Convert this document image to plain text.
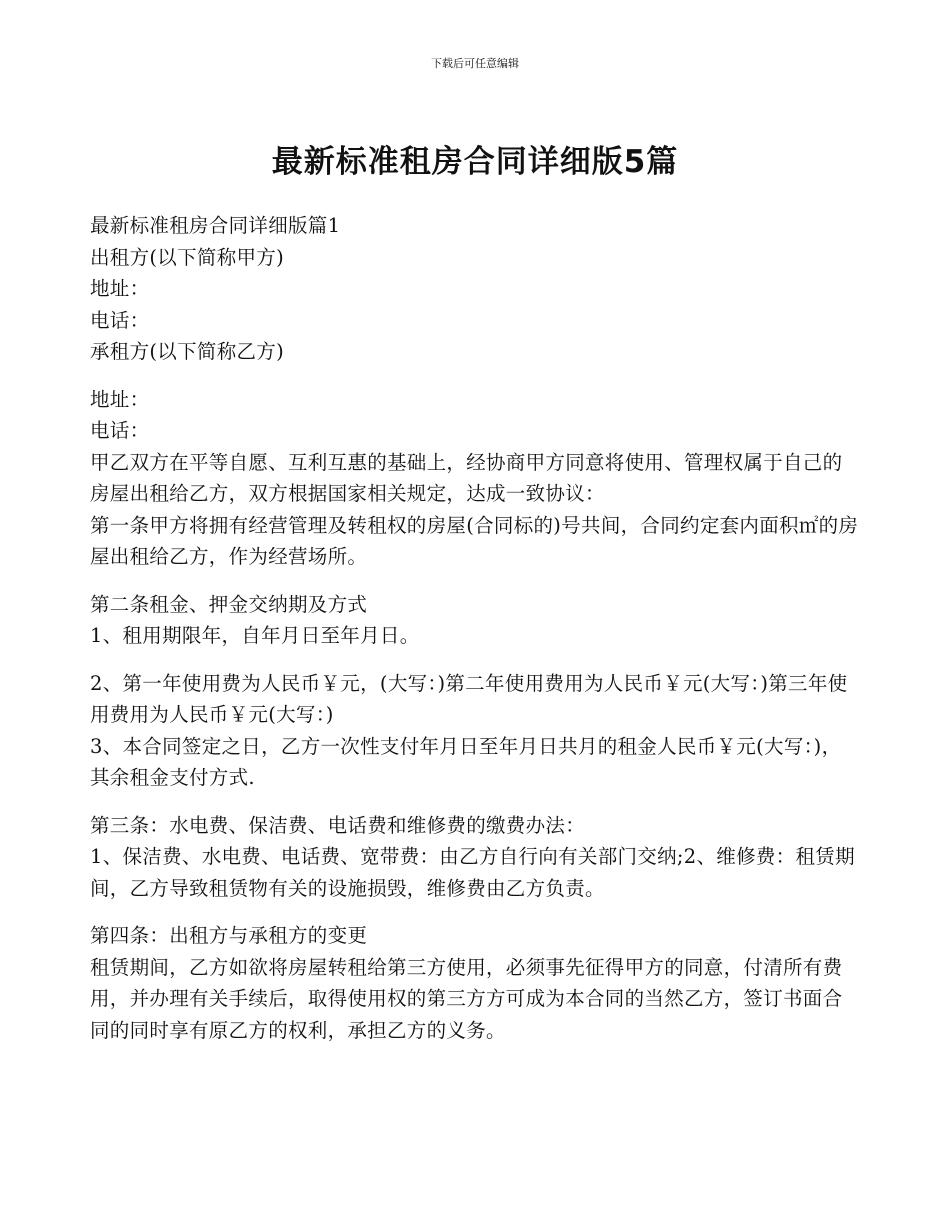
下载后可任意编辑
最新标准租房合同详细版5篇

最新标准租房合同详细版篇1

出租方(以下简称甲方)

地址：

电话：

承租方(以下简称乙方)

地址：

电话：

甲乙双方在平等自愿、互利互惠的基础上，经协商甲方同意将使用、管理权属于自己的房屋出租给乙方，双方根据国家相关规定，达成一致协议：

第一条甲方将拥有经营管理及转租权的房屋(合同标的)号共间，合同约定套内面积㎡的房屋出租给乙方，作为经营场所。

第二条租金、押金交纳期及方式

1、租用期限年，自年月日至年月日。

2、第一年使用费为人民币￥元，(大写：)第二年使用费用为人民币￥元(大写：)第三年使用费用为人民币￥元(大写：)

3、本合同签定之日，乙方一次性支付年月日至年月日共月的租金人民币￥元(大写：)，其余租金支付方式.

第三条：水电费、保洁费、电话费和维修费的缴费办法：

1、保洁费、水电费、电话费、宽带费：由乙方自行向有关部门交纳;2、维修费：租赁期间，乙方导致租赁物有关的设施损毁，维修费由乙方负责。

第四条：出租方与承租方的变更

租赁期间，乙方如欲将房屋转租给第三方使用，必须事先征得甲方的同意，付清所有费用，并办理有关手续后，取得使用权的第三方方可成为本合同的当然乙方，签订书面合同的同时享有原乙方的权利，承担乙方的义务。
